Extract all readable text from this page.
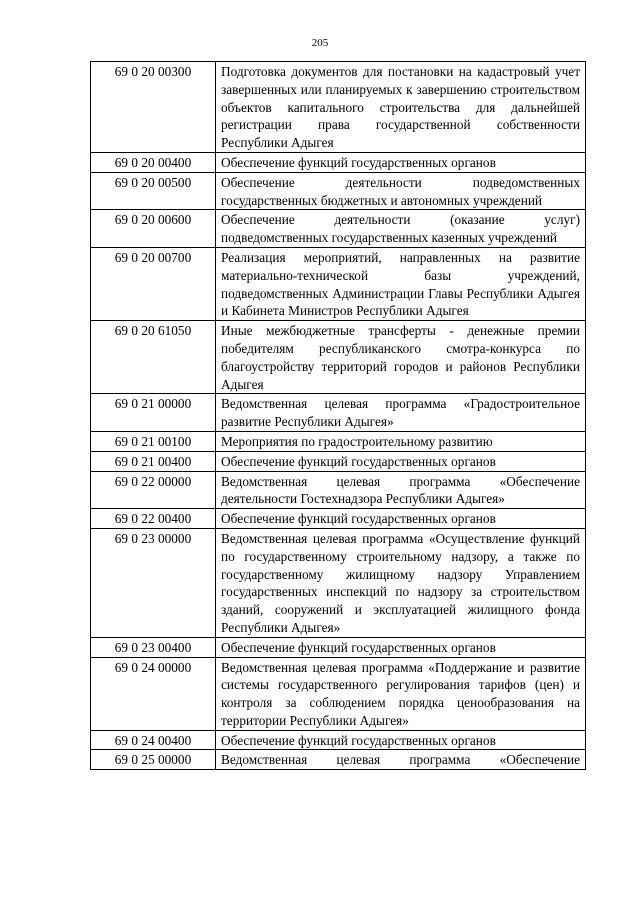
205
69 0 20 00300	Подготовка документов для постановки на кадастровый учет завершенных или планируемых к завершению строительством объектов капитального строительства для дальнейшей регистрации права государственной собственности Республики Адыгея
69 0 20 00400	Обеспечение функций государственных органов
69 0 20 00500	Обеспечение деятельности подведомственных государственных бюджетных и автономных учреждений
69 0 20 00600	Обеспечение деятельности (оказание услуг) подведомственных государственных казенных учреждений
69 0 20 00700	Реализация мероприятий, направленных на развитие материально-технической базы учреждений, подведомственных Администрации Главы Республики Адыгея и Кабинета Министров Республики Адыгея
69 0 20 61050	Иные межбюджетные трансферты - денежные премии победителям республиканского смотра-конкурса по благоустройству территорий городов и районов Республики Адыгея
69 0 21 00000	Ведомственная целевая программа «Градостроительное развитие Республики Адыгея»
69 0 21 00100	Мероприятия по градостроительному развитию
69 0 21 00400	Обеспечение функций государственных органов
69 0 22 00000	Ведомственная целевая программа «Обеспечение деятельности Гостехнадзора Республики Адыгея»
69 0 22 00400	Обеспечение функций государственных органов
69 0 23 00000	Ведомственная целевая программа «Осуществление функций по государственному строительному надзору, а также по государственному жилищному надзору Управлением государственных инспекций по надзору за строительством зданий, сооружений и эксплуатацией жилищного фонда Республики Адыгея»
69 0 23 00400	Обеспечение функций государственных органов
69 0 24 00000	Ведомственная целевая программа «Поддержание и развитие системы государственного регулирования тарифов (цен) и контроля за соблюдением порядка ценообразования на территории Республики Адыгея»
69 0 24 00400	Обеспечение функций государственных органов
69 0 25 00000	Ведомственная целевая программа «Обеспечение
